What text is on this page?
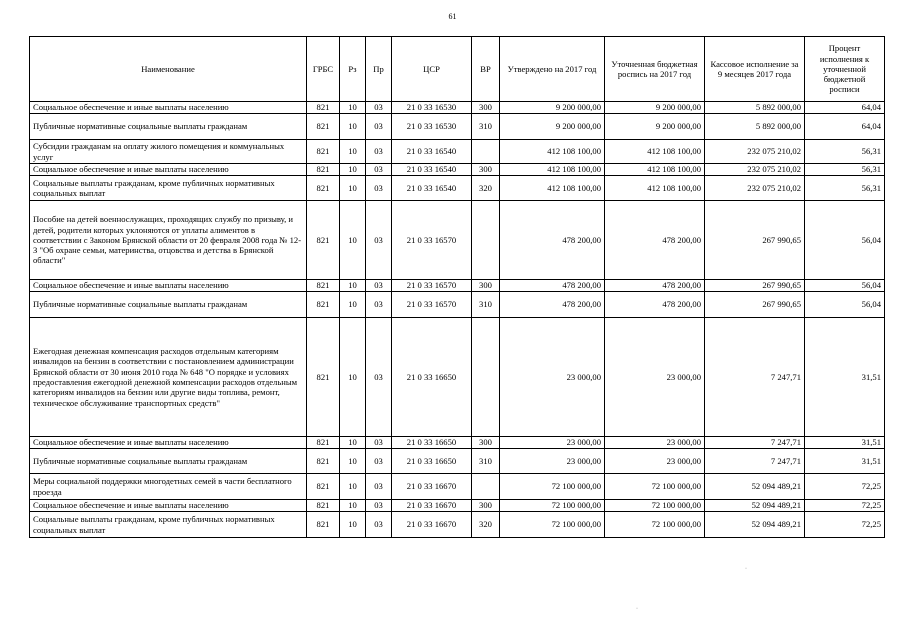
61
Наименование	ГРБС	Рз	Пр	ЦСР	ВР	Утверждено на 2017 год	Уточненная бюджетная роспись на 2017 год	Кассовое исполнение за 9 месяцев 2017 года	Процент исполнения к уточненной бюджетной росписи
Социальное обеспечение и иные выплаты населению	821	10	03	21 0 33 16530	300	9 200 000,00	9 200 000,00	5 892 000,00	64,04
Публичные нормативные социальные выплаты гражданам	821	10	03	21 0 33 16530	310	9 200 000,00	9 200 000,00	5 892 000,00	64,04
Субсидии гражданам на оплату жилого помещения и коммунальных услуг	821	10	03	21 0 33 16540		412 108 100,00	412 108 100,00	232 075 210,02	56,31
Социальное обеспечение и иные выплаты населению	821	10	03	21 0 33 16540	300	412 108 100,00	412 108 100,00	232 075 210,02	56,31
Социальные выплаты гражданам, кроме публичных нормативных социальных выплат	821	10	03	21 0 33 16540	320	412 108 100,00	412 108 100,00	232 075 210,02	56,31
Пособие на детей военнослужащих, проходящих службу по призыву, и детей, родители которых уклоняются от уплаты алиментов в соответствии с Законом Брянской области от 20 февраля 2008 года № 12-З "Об охране семьи, материнства, отцовства и детства в Брянской области"	821	10	03	21 0 33 16570		478 200,00	478 200,00	267 990,65	56,04
Социальное обеспечение и иные выплаты населению	821	10	03	21 0 33 16570	300	478 200,00	478 200,00	267 990,65	56,04
Публичные нормативные социальные выплаты гражданам	821	10	03	21 0 33 16570	310	478 200,00	478 200,00	267 990,65	56,04
Ежегодная денежная компенсация расходов отдельным категориям инвалидов на бензин в соответствии с постановлением администрации Брянской области от 30 июня 2010 года № 648 "О порядке и условиях предоставления ежегодной денежной компенсации расходов отдельным категориям инвалидов на бензин или другие виды топлива, ремонт, техническое обслуживание транспортных средств"	821	10	03	21 0 33 16650		23 000,00	23 000,00	7 247,71	31,51
Социальное обеспечение и иные выплаты населению	821	10	03	21 0 33 16650	300	23 000,00	23 000,00	7 247,71	31,51
Публичные нормативные социальные выплаты гражданам	821	10	03	21 0 33 16650	310	23 000,00	23 000,00	7 247,71	31,51
Меры социальной поддержки многодетных семей в части бесплатного проезда	821	10	03	21 0 33 16670		72 100 000,00	72 100 000,00	52 094 489,21	72,25
Социальное обеспечение и иные выплаты населению	821	10	03	21 0 33 16670	300	72 100 000,00	72 100 000,00	52 094 489,21	72,25
Социальные выплаты гражданам, кроме публичных нормативных социальных выплат	821	10	03	21 0 33 16670	320	72 100 000,00	72 100 000,00	52 094 489,21	72,25
·
·
